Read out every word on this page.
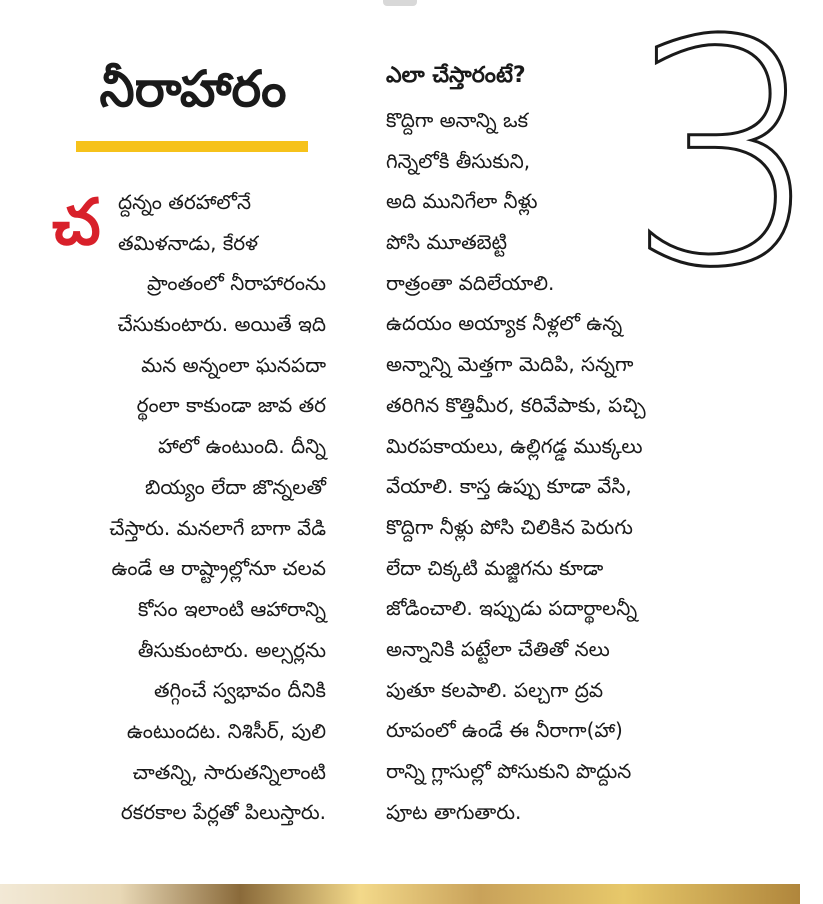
నీరాహారం
చ ద్దన్నం తరహాలోనే
తమిళనాడు, కేరళ
ప్రాంతంలో నీరాహారంను
చేసుకుంటారు. అయితే ఇది
మన అన్నంలా ఘనపదా
ర్థంలా కాకుండా జావ తర
హాలో ఉంటుంది. దీన్ని
బియ్యం లేదా జొన్నలతో
చేస్తారు. మనలాగే బాగా వేడి
ఉండే ఆ రాష్ట్రాల్లోనూ చలవ
కోసం ఇలాంటి ఆహారాన్ని
తీసుకుంటారు. అల్సర్లను
తగ్గించే స్వభావం దీనికి
ఉంటుందట. నిశిసీర్, పులి
చాతన్ని, సారుతన్నిలాంటి
రకరకాల పేర్లతో పిలుస్తారు.
3
ఎలా చేస్తారంటే?
కొద్దిగా అనాన్ని ఒక
గిన్నెలోకి తీసుకుని,
అది మునిగేలా నీళ్లు
పోసి మూతబెట్టి
రాత్రంతా వదిలేయాలి.
ఉదయం అయ్యాక నీళ్లలో ఉన్న
అన్నాన్ని మెత్తగా మెదిపి, సన్నగా
తరిగిన కొత్తిమీర, కరివేపాకు, పచ్చి
మిరపకాయలు, ఉల్లిగడ్డ ముక్కలు
వేయాలి. కాస్త ఉప్పు కూడా వేసి,
కొద్దిగా నీళ్లు పోసి చిలికిన పెరుగు
లేదా చిక్కటి మజ్జిగను కూడా
జోడించాలి. ఇప్పుడు పదార్థాలన్నీ
అన్నానికి పట్టేలా చేతితో నలు
పుతూ కలపాలి. పల్చగా ద్రవ
రూపంలో ఉండే ఈ నీరాగా(హా)
రాన్ని గ్లాసుల్లో పోసుకుని పొద్దున
పూట తాగుతారు.
